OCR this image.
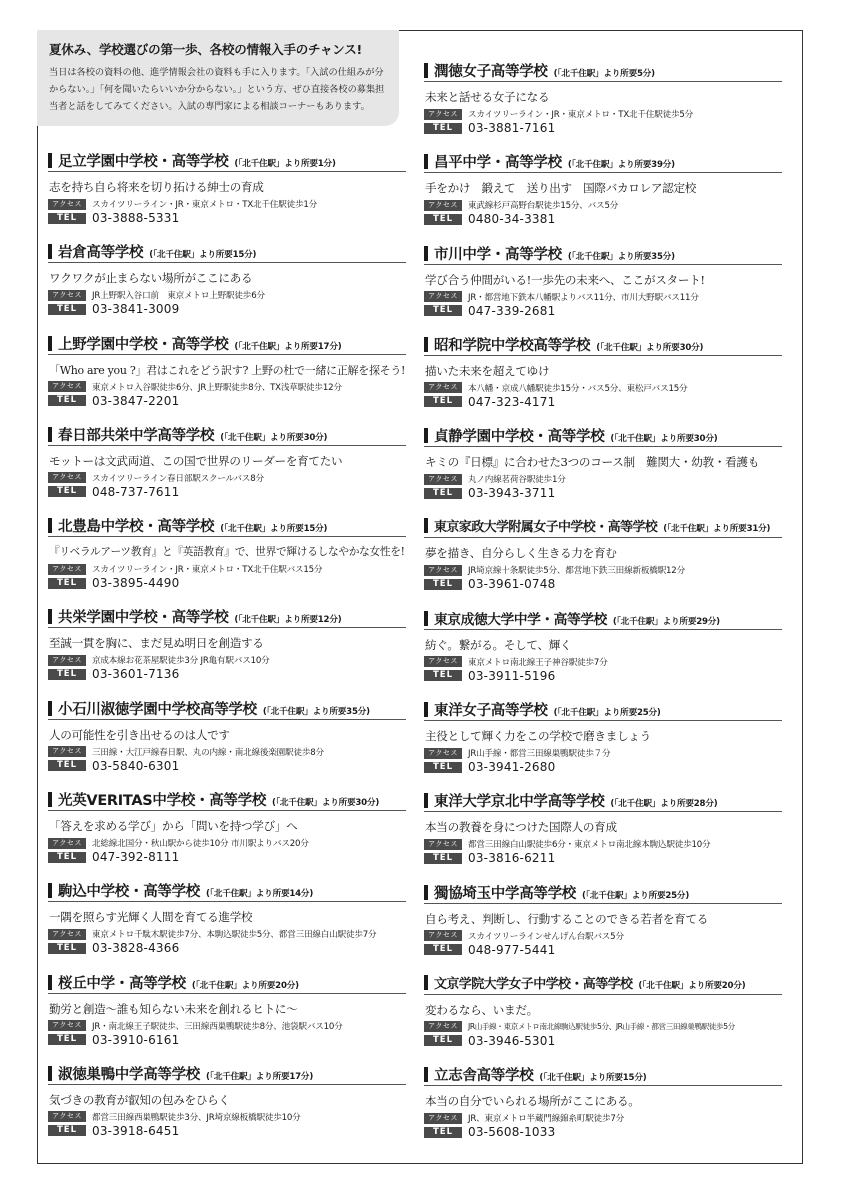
夏休み、学校選びの第一歩、各校の情報入手のチャンス!

当日は各校の資料の他、進学情報会社の資料も手に入ります。「入試の仕組みが分からない。」「何を聞いたらいいか分からない。」という方、ぜひ直接各校の募集担当者と話をしてみてください。入試の専門家による相談コーナーもあります。

足立学園中学校・高等学校 (「北千住駅」より所要1分)
志を持ち自ら将来を切り拓ける紳士の育成
アクセス	スカイツリーライン・JR・東京メトロ・TX北千住駅徒歩1分
TEL	03-3888-5331
岩倉高等学校 (「北千住駅」より所要15分)
ワクワクが止まらない場所がここにある
アクセス	JR上野駅入谷口前　東京メトロ上野駅徒歩6分
TEL	03-3841-3009
上野学園中学校・高等学校 (「北千住駅」より所要17分)
「Who are you ?」君はこれをどう訳す? 上野の杜で一緒に正解を探そう!
アクセス	東京メトロ入谷駅徒歩6分、JR上野駅徒歩8分、TX浅草駅徒歩12分
TEL	03-3847-2201
春日部共栄中学高等学校 (「北千住駅」より所要30分)
モットーは文武両道、この国で世界のリーダーを育てたい
アクセス	スカイツリーライン春日部駅スクールバス8分
TEL	048-737-7611
北豊島中学校・高等学校 (「北千住駅」より所要15分)
『リベラルアーツ教育』と『英語教育』で、世界で輝けるしなやかな女性を!
アクセス	スカイツリーライン・JR・東京メトロ・TX北千住駅バス15分
TEL	03-3895-4490
共栄学園中学校・高等学校 (「北千住駅」より所要12分)
至誠一貫を胸に、まだ見ぬ明日を創造する
アクセス	京成本線お花茶屋駅徒歩3分 JR亀有駅バス10分
TEL	03-3601-7136
小石川淑徳学園中学校高等学校 (「北千住駅」より所要35分)
人の可能性を引き出せるのは人です
アクセス	三田線・大江戸線春日駅、丸の内線・南北線後楽園駅徒歩8分
TEL	03-5840-6301
光英VERITAS中学校・高等学校 (「北千住駅」より所要30分)
「答えを求める学び」から「問いを持つ学び」へ
アクセス	北総線北国分・秋山駅から徒歩10分 市川駅よりバス20分
TEL	047-392-8111
駒込中学校・高等学校 (「北千住駅」より所要14分)
一隅を照らす光輝く人間を育てる進学校
アクセス	東京メトロ千駄木駅徒歩7分、本駒込駅徒歩5分、都営三田線白山駅徒歩7分
TEL	03-3828-4366
桜丘中学・高等学校 (「北千住駅」より所要20分)
勤労と創造〜誰も知らない未来を創れるヒトに〜
アクセス	JR・南北線王子駅徒歩、三田線西巣鴨駅徒歩8分、池袋駅バス10分
TEL	03-3910-6161
淑徳巣鴨中学高等学校 (「北千住駅」より所要17分)
気づきの教育が叡知の包みをひらく
アクセス	都営三田線西巣鴨駅徒歩3分、JR埼京線板橋駅徒歩10分
TEL	03-3918-6451
潤徳女子高等学校 (「北千住駅」より所要5分)
未来と話せる女子になる
アクセス	スカイツリーライン・JR・東京メトロ・TX北千住駅徒歩5分
TEL	03-3881-7161
昌平中学・高等学校 (「北千住駅」より所要39分)
手をかけ　鍛えて　送り出す　国際バカロレア認定校
アクセス	東武線杉戸高野台駅徒歩15分、バス5分
TEL	0480-34-3381
市川中学・高等学校 (「北千住駅」より所要35分)
学び合う仲間がいる!一歩先の未来へ、ここがスタート!
アクセス	JR・都営地下鉄本八幡駅よりバス11分、市川大野駅バス11分
TEL	047-339-2681
昭和学院中学校高等学校 (「北千住駅」より所要30分)
描いた未来を超えてゆけ
アクセス	本八幡・京成八幡駅徒歩15分・バス5分、東松戸バス15分
TEL	047-323-4171
貞静学園中学校・高等学校 (「北千住駅」より所要30分)
キミの『日標』に合わせた3つのコース制　難関大・幼教・看護も
アクセス	丸ノ内線茗荷谷駅徒歩1分
TEL	03-3943-3711
東京家政大学附属女子中学校・高等学校 (「北千住駅」より所要31分)
夢を描き、自分らしく生きる力を育む
アクセス	JR埼京線十条駅徒歩5分、都営地下鉄三田線新板橋駅12分
TEL	03-3961-0748
東京成徳大学中学・高等学校 (「北千住駅」より所要29分)
紡ぐ。繋がる。そして、輝く
アクセス	東京メトロ南北線王子神谷駅徒歩7分
TEL	03-3911-5196
東洋女子高等学校 (「北千住駅」より所要25分)
主役として輝く力をこの学校で磨きましょう
アクセス	JR山手線・都営三田線巣鴨駅徒歩７分
TEL	03-3941-2680
東洋大学京北中学高等学校 (「北千住駅」より所要28分)
本当の教養を身につけた国際人の育成
アクセス	都営三田線白山駅徒歩6分・東京メトロ南北線本駒込駅徒歩10分
TEL	03-3816-6211
獨協埼玉中学高等学校 (「北千住駅」より所要25分)
自ら考え、判断し、行動することのできる若者を育てる
アクセス	スカイツリーラインせんげん台駅バス5分
TEL	048-977-5441
文京学院大学女子中学校・高等学校 (「北千住駅」より所要20分)
変わるなら、いまだ。
アクセス	JR山手線・東京メトロ南北線駒込駅徒歩5分、JR山手線・都営三田線巣鴨駅徒歩5分
TEL	03-3946-5301
立志舎高等学校 (「北千住駅」より所要15分)
本当の自分でいられる場所がここにある。
アクセス	JR、東京メトロ半蔵門線錦糸町駅徒歩7分
TEL	03-5608-1033
